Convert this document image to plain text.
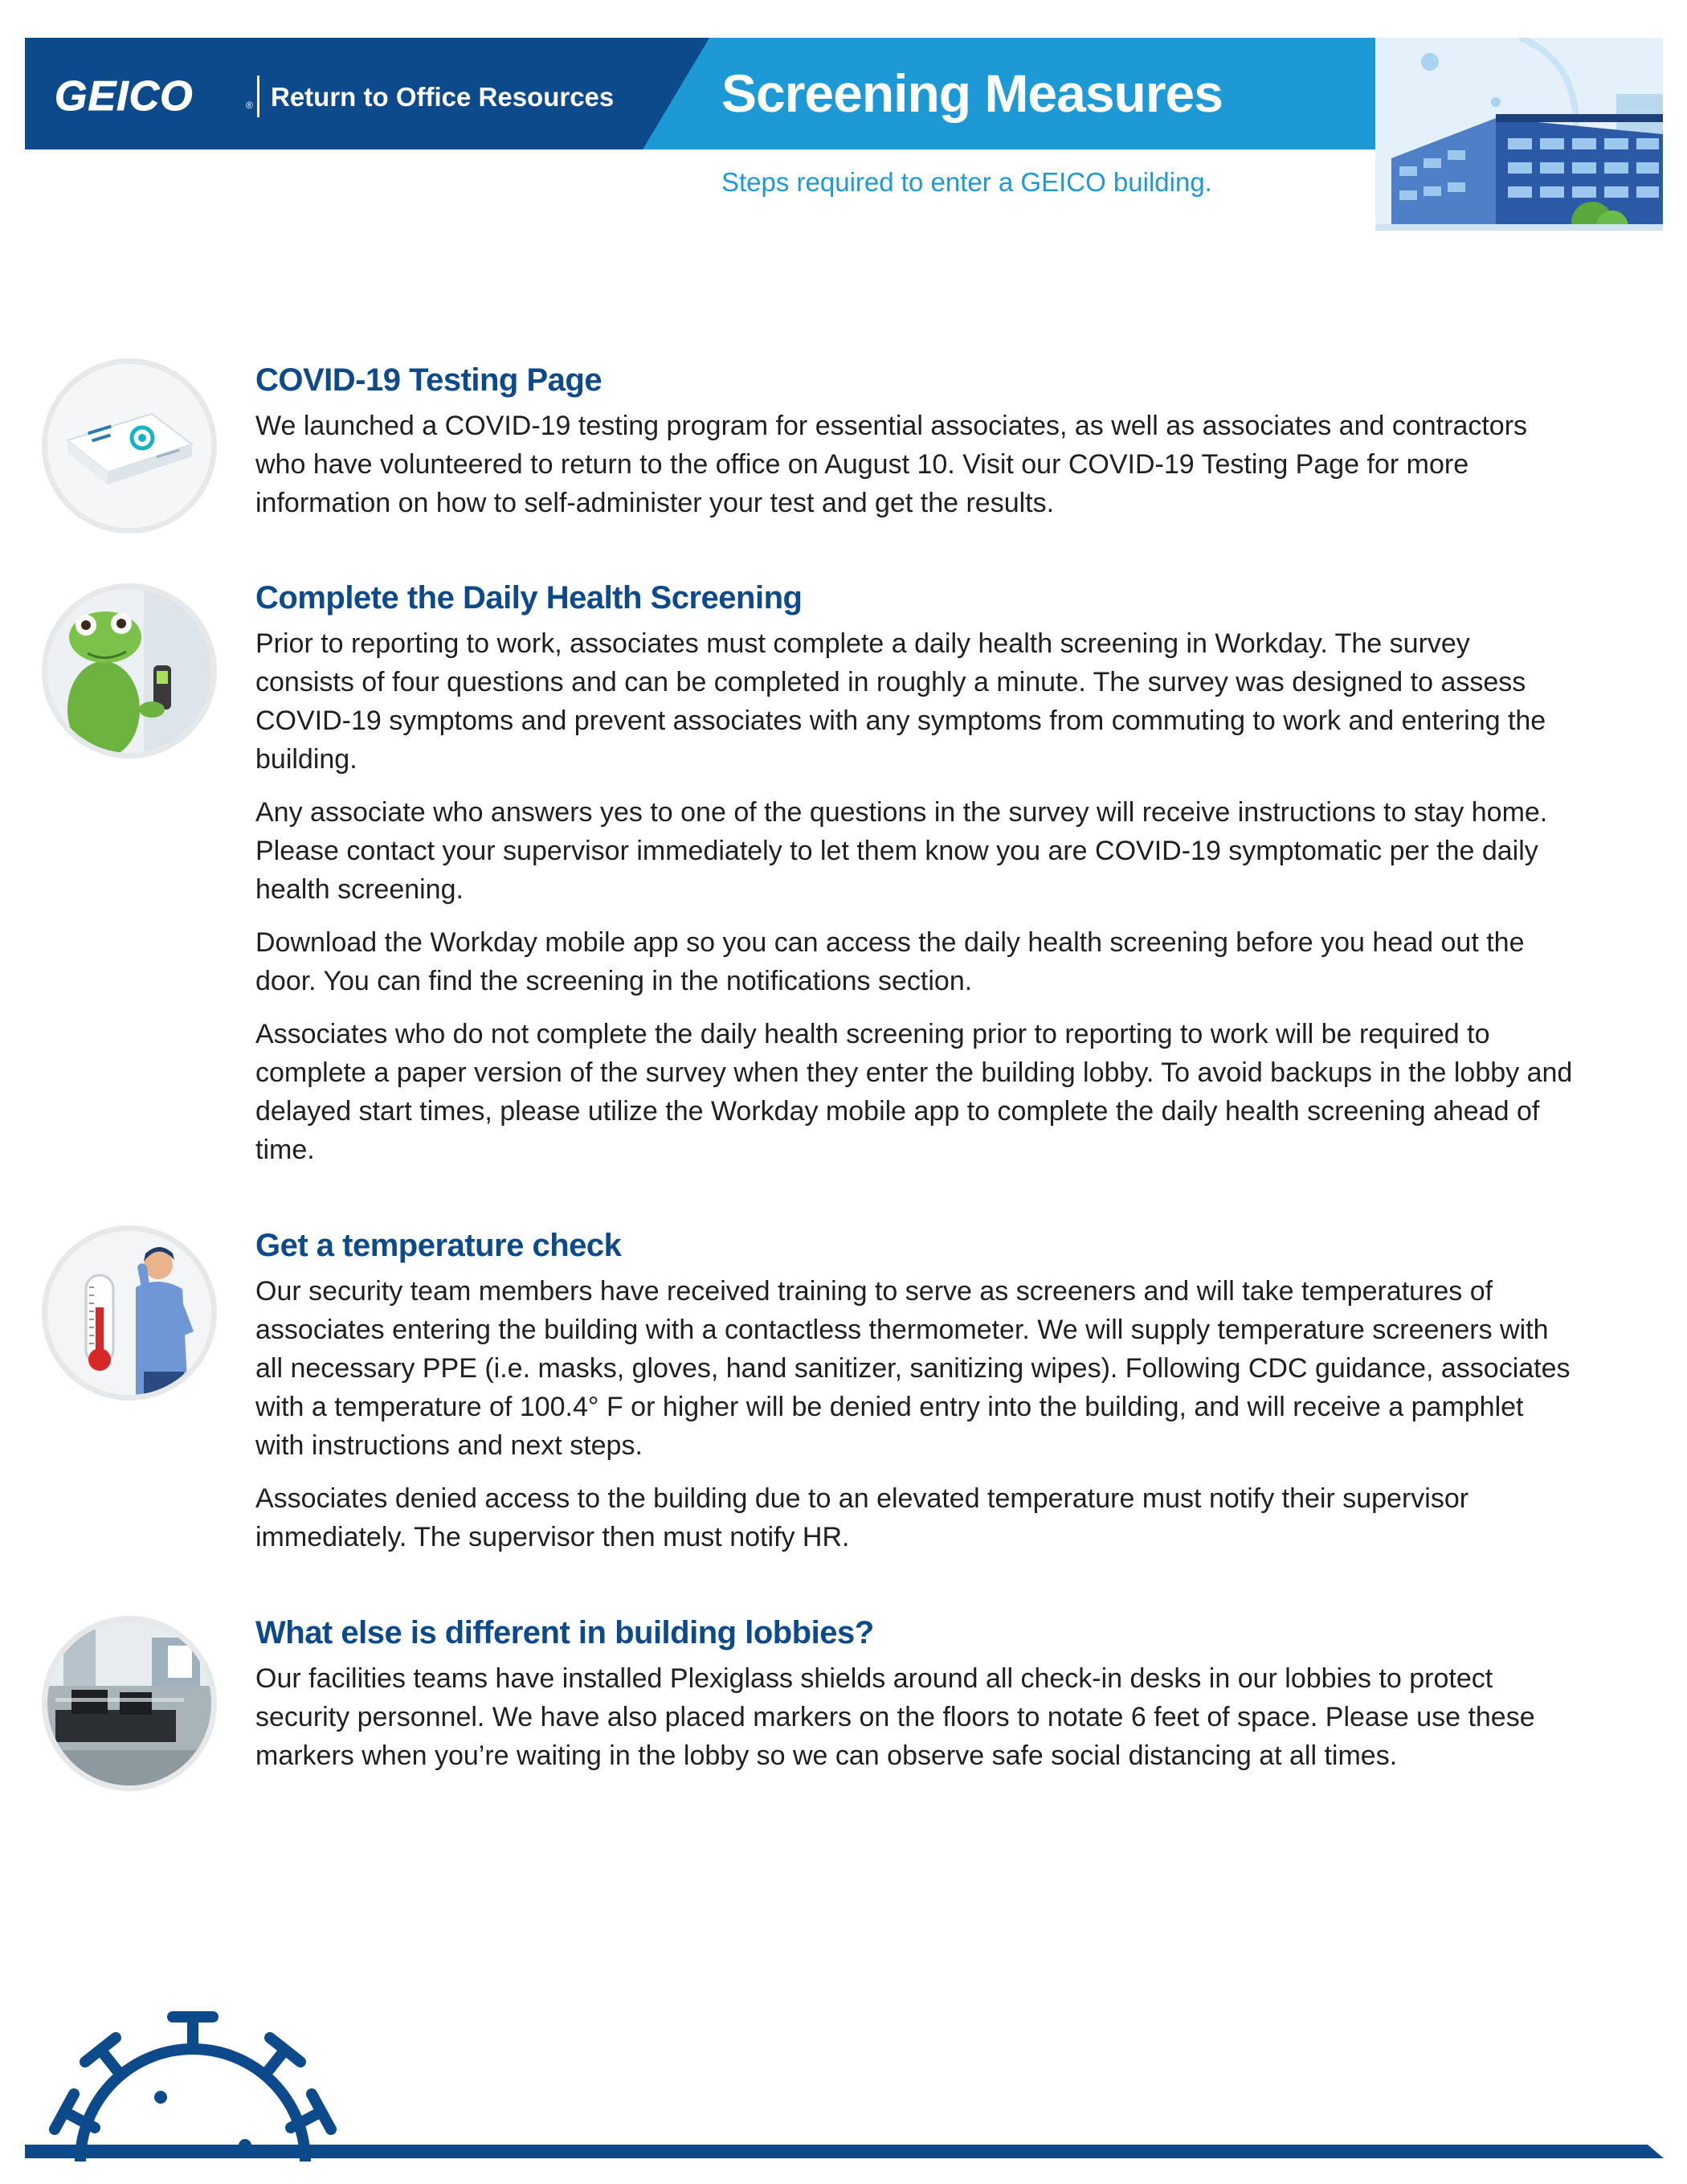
GEICO	® Return to Office Resources Screening Measures
Steps required to enter a GEICO building.
COVID-19 Testing Page

We launched a COVID-19 testing program for essential associates, as well as associates and contractors who have volunteered to return to the office on August 10. Visit our COVID-19 Testing Page for more information on how to self-administer your test and get the results.

Complete the Daily Health Screening

Prior to reporting to work, associates must complete a daily health screening in Workday. The survey consists of four questions and can be completed in roughly a minute. The survey was designed to assess COVID-19 symptoms and prevent associates with any symptoms from commuting to work and entering the building.

Any associate who answers yes to one of the questions in the survey will receive instructions to stay home. Please contact your supervisor immediately to let them know you are COVID-19 symptomatic per the daily health screening.

Download the Workday mobile app so you can access the daily health screening before you head out the door. You can find the screening in the notifications section.

Associates who do not complete the daily health screening prior to reporting to work will be required to complete a paper version of the survey when they enter the building lobby. To avoid backups in the lobby and delayed start times, please utilize the Workday mobile app to complete the daily health screening ahead of time.

Get a temperature check

Our security team members have received training to serve as screeners and will take temperatures of associates entering the building with a contactless thermometer. We will supply temperature screeners with all necessary PPE (i.e. masks, gloves, hand sanitizer, sanitizing wipes). Following CDC guidance, associates with a temperature of 100.4° F or higher will be denied entry into the building, and will receive a pamphlet with instructions and next steps.

Associates denied access to the building due to an elevated temperature must notify their supervisor immediately. The supervisor then must notify HR.

What else is different in building lobbies?

Our facilities teams have installed Plexiglass shields around all check-in desks in our lobbies to protect security personnel. We have also placed markers on the floors to notate 6 feet of space. Please use these markers when you’re waiting in the lobby so we can observe safe social distancing at all times.
